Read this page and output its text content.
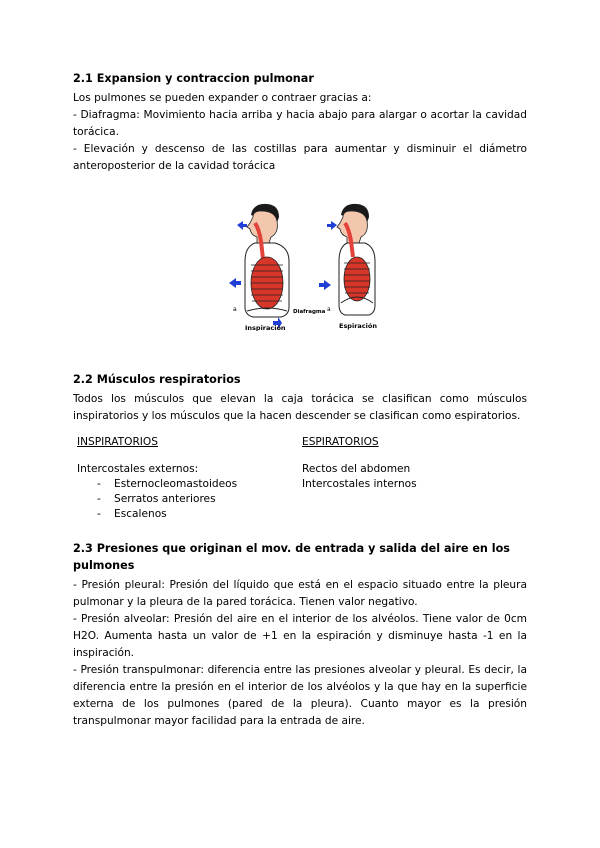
2.1 Expansion y contraccion pulmonar

Los pulmones se pueden expander o contraer gracias a:

- Diafragma: Movimiento hacia arriba y hacia abajo para alargar o acortar la cavidad torácica.

- Elevación y descenso de las costillas para aumentar y disminuir el diámetro anteroposterior de la cavidad torácica

a
Inspiración
a
Espiración
Diafragma
2.2 Músculos respiratorios

Todos los músculos que elevan la caja torácica se clasifican como músculos inspiratorios y los músculos que la hacen descender se clasifican como espiratorios.

INSPIRATORIOS
Intercostales externos:
- Esternocleomastoideos
- Serratos anteriores
- Escalenos
ESPIRATORIOS
Rectos del abdomen
Intercostales internos
2.3 Presiones que originan el mov. de entrada y salida del aire en los pulmones

- Presión pleural: Presión del líquido que está en el espacio situado entre la pleura pulmonar y la pleura de la pared torácica. Tienen valor negativo.

- Presión alveolar: Presión del aire en el interior de los alvéolos. Tiene valor de 0cm H2O. Aumenta hasta un valor de +1 en la espiración y disminuye hasta -1 en la inspiración.

- Presión transpulmonar: diferencia entre las presiones alveolar y pleural. Es decir, la diferencia entre la presión en el interior de los alvéolos y la que hay en la superficie externa de los pulmones (pared de la pleura). Cuanto mayor es la presión transpulmonar mayor facilidad para la entrada de aire.
